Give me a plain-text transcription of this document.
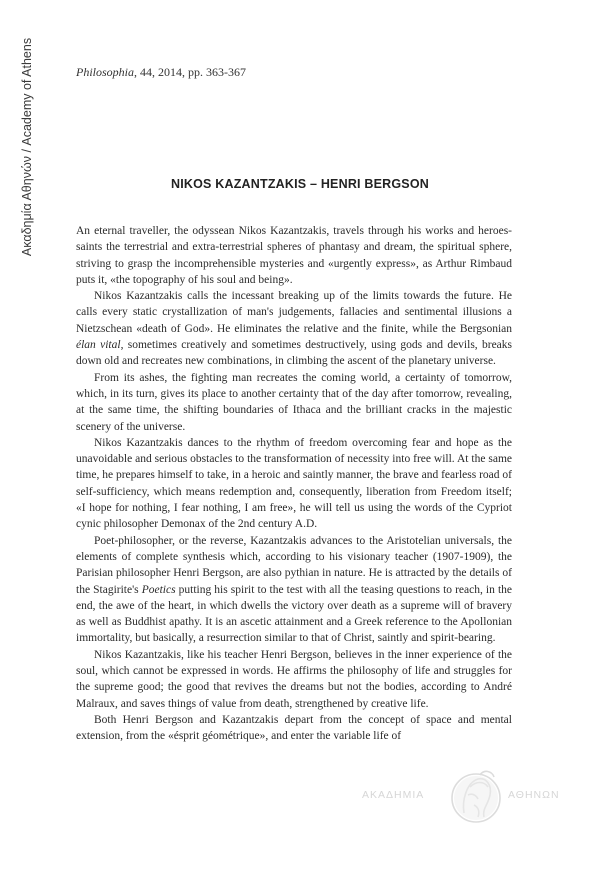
Ακαδημία Αθηνών / Academy of Athens	Philosophia, 44, 2014, pp. 363-367
NIKOS KAZANTZAKIS – HENRI BERGSON

An eternal traveller, the odyssean Nikos Kazantzakis, travels through his works and heroes-saints the terrestrial and extra-terrestrial spheres of phantasy and dream, the spiritual sphere, striving to grasp the incomprehensible mysteries and «urgently express», as Arthur Rimbaud puts it, «the topography of his soul and being».

Nikos Kazantzakis calls the incessant breaking up of the limits towards the future. He calls every static crystallization of man's judgements, fallacies and sentimental illusions a Nietzschean «death of God». He eliminates the relative and the finite, while the Bergsonian élan vital, sometimes creatively and sometimes destructively, using gods and devils, breaks down old and recreates new combinations, in climbing the ascent of the planetary universe.

From its ashes, the fighting man recreates the coming world, a certainty of tomorrow, which, in its turn, gives its place to another certainty that of the day after tomorrow, revealing, at the same time, the shifting boundaries of Ithaca and the brilliant cracks in the majestic scenery of the universe.

Nikos Kazantzakis dances to the rhythm of freedom overcoming fear and hope as the unavoidable and serious obstacles to the transformation of necessity into free will. At the same time, he prepares himself to take, in a heroic and saintly manner, the brave and fearless road of self-sufficiency, which means redemption and, consequently, liberation from Freedom itself; «I hope for nothing, I fear nothing, I am free», he will tell us using the words of the Cypriot cynic philosopher Demonax of the 2nd century A.D.

Poet-philosopher, or the reverse, Kazantzakis advances to the Aristotelian universals, the elements of complete synthesis which, according to his visionary teacher (1907-1909), the Parisian philosopher Henri Bergson, are also pythian in nature. He is attracted by the details of the Stagirite's Poetics putting his spirit to the test with all the teasing questions to reach, in the end, the awe of the heart, in which dwells the victory over death as a supreme will of bravery as well as Buddhist apathy. It is an ascetic attainment and a Greek reference to the Apollonian immortality, but basically, a resurrection similar to that of Christ, saintly and spirit-bearing.

Nikos Kazantzakis, like his teacher Henri Bergson, believes in the inner experience of the soul, which cannot be expressed in words. He affirms the philosophy of life and struggles for the supreme good; the good that revives the dreams but not the bodies, according to André Malraux, and saves things of value from death, strengthened by creative life.

Both Henri Bergson and Kazantzakis depart from the concept of space and mental extension, from the «ésprit géométrique», and enter the variable life of

ΑΚΑΔΗΜΙΑ	ΑΘΗΝΩΝ
